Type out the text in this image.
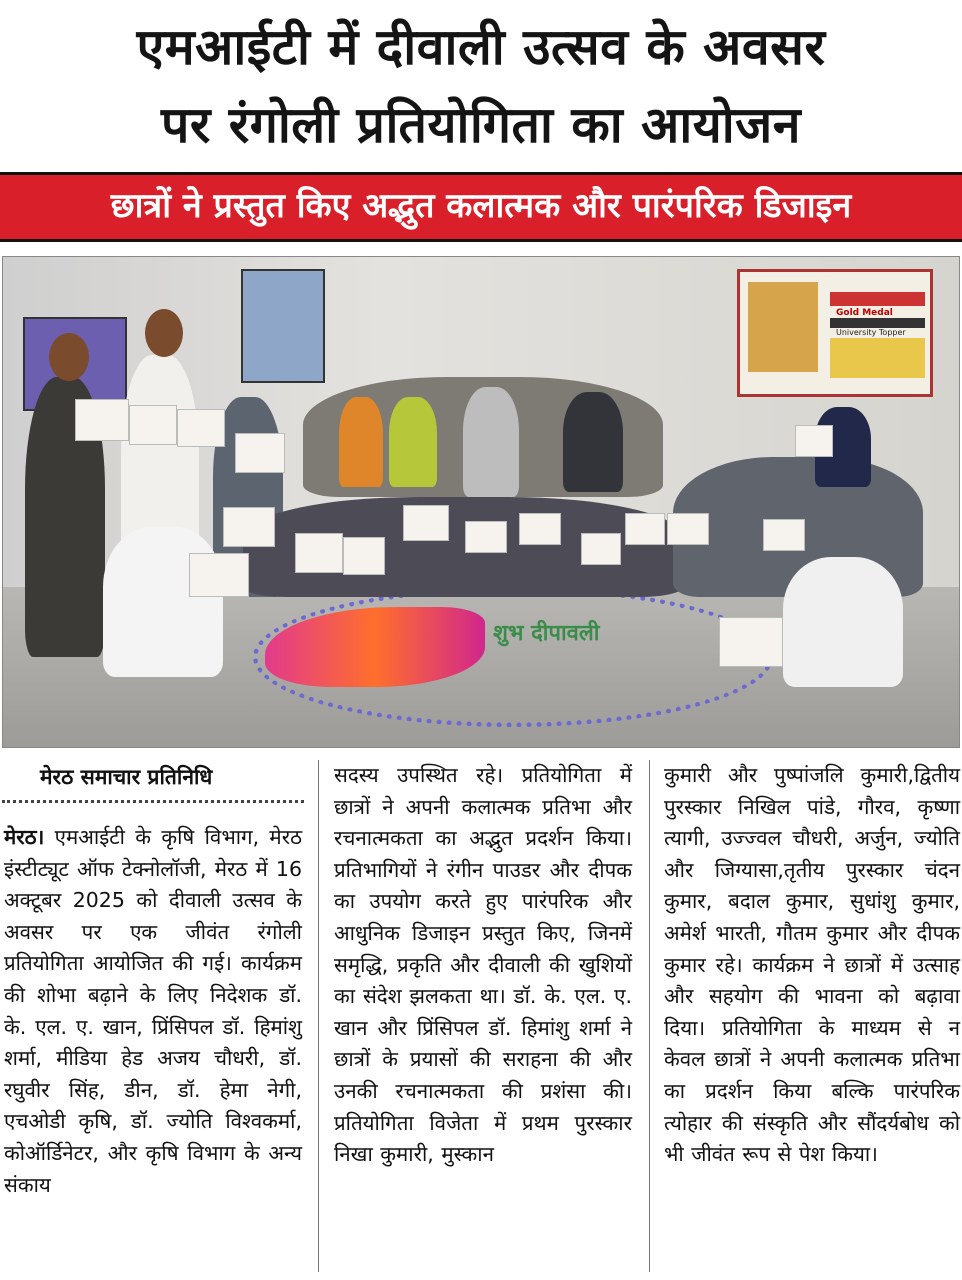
एमआईटी में दीवाली उत्सव के अवसर
पर रंगोली प्रतियोगिता का आयोजन
छात्रों ने प्रस्तुत किए अद्भुत कलात्मक और पारंपरिक डिजाइन
Gold Medal
University Topper
शुभ दीपावली
मेरठ समाचार प्रतिनिधि
मेरठ। एमआईटी के कृषि विभाग, मेरठ इंस्टीट्यूट ऑफ टेक्नोलॉजी, मेरठ में 16 अक्टूबर 2025 को दीवाली उत्सव के अवसर पर एक जीवंत रंगोली प्रतियोगिता आयोजित की गई। कार्यक्रम की शोभा बढ़ाने के लिए निदेशक डॉ. के. एल. ए. खान, प्रिंसिपल डॉ. हिमांशु शर्मा, मीडिया हेड अजय चौधरी, डॉ. रघुवीर सिंह, डीन, डॉ. हेमा नेगी, एचओडी कृषि, डॉ. ज्योति विश्वकर्मा, कोऑर्डिनेटर, और कृषि विभाग के अन्य संकाय
सदस्य उपस्थित रहे। प्रतियोगिता में छात्रों ने अपनी कलात्मक प्रतिभा और रचनात्मकता का अद्भुत प्रदर्शन किया। प्रतिभागियों ने रंगीन पाउडर और दीपक का उपयोग करते हुए पारंपरिक और आधुनिक डिजाइन प्रस्तुत किए, जिनमें समृद्धि, प्रकृति और दीवाली की खुशियों का संदेश झलकता था। डॉ. के. एल. ए. खान और प्रिंसिपल डॉ. हिमांशु शर्मा ने छात्रों के प्रयासों की सराहना की और उनकी रचनात्मकता की प्रशंसा की। प्रतियोगिता विजेता में प्रथम पुरस्कार निखा कुमारी, मुस्कान
कुमारी और पुष्पांजलि कुमारी,द्वितीय पुरस्कार निखिल पांडे, गौरव, कृष्णा त्यागी, उज्ज्वल चौधरी, अर्जुन, ज्योति और जिग्यासा,तृतीय पुरस्कार चंदन कुमार, बदाल कुमार, सुधांशु कुमार, अमेर्श भारती, गौतम कुमार और दीपक कुमार रहे। कार्यक्रम ने छात्रों में उत्साह और सहयोग की भावना को बढ़ावा दिया। प्रतियोगिता के माध्यम से न केवल छात्रों ने अपनी कलात्मक प्रतिभा का प्रदर्शन किया बल्कि पारंपरिक त्योहार की संस्कृति और सौंदर्यबोध को भी जीवंत रूप से पेश किया।
